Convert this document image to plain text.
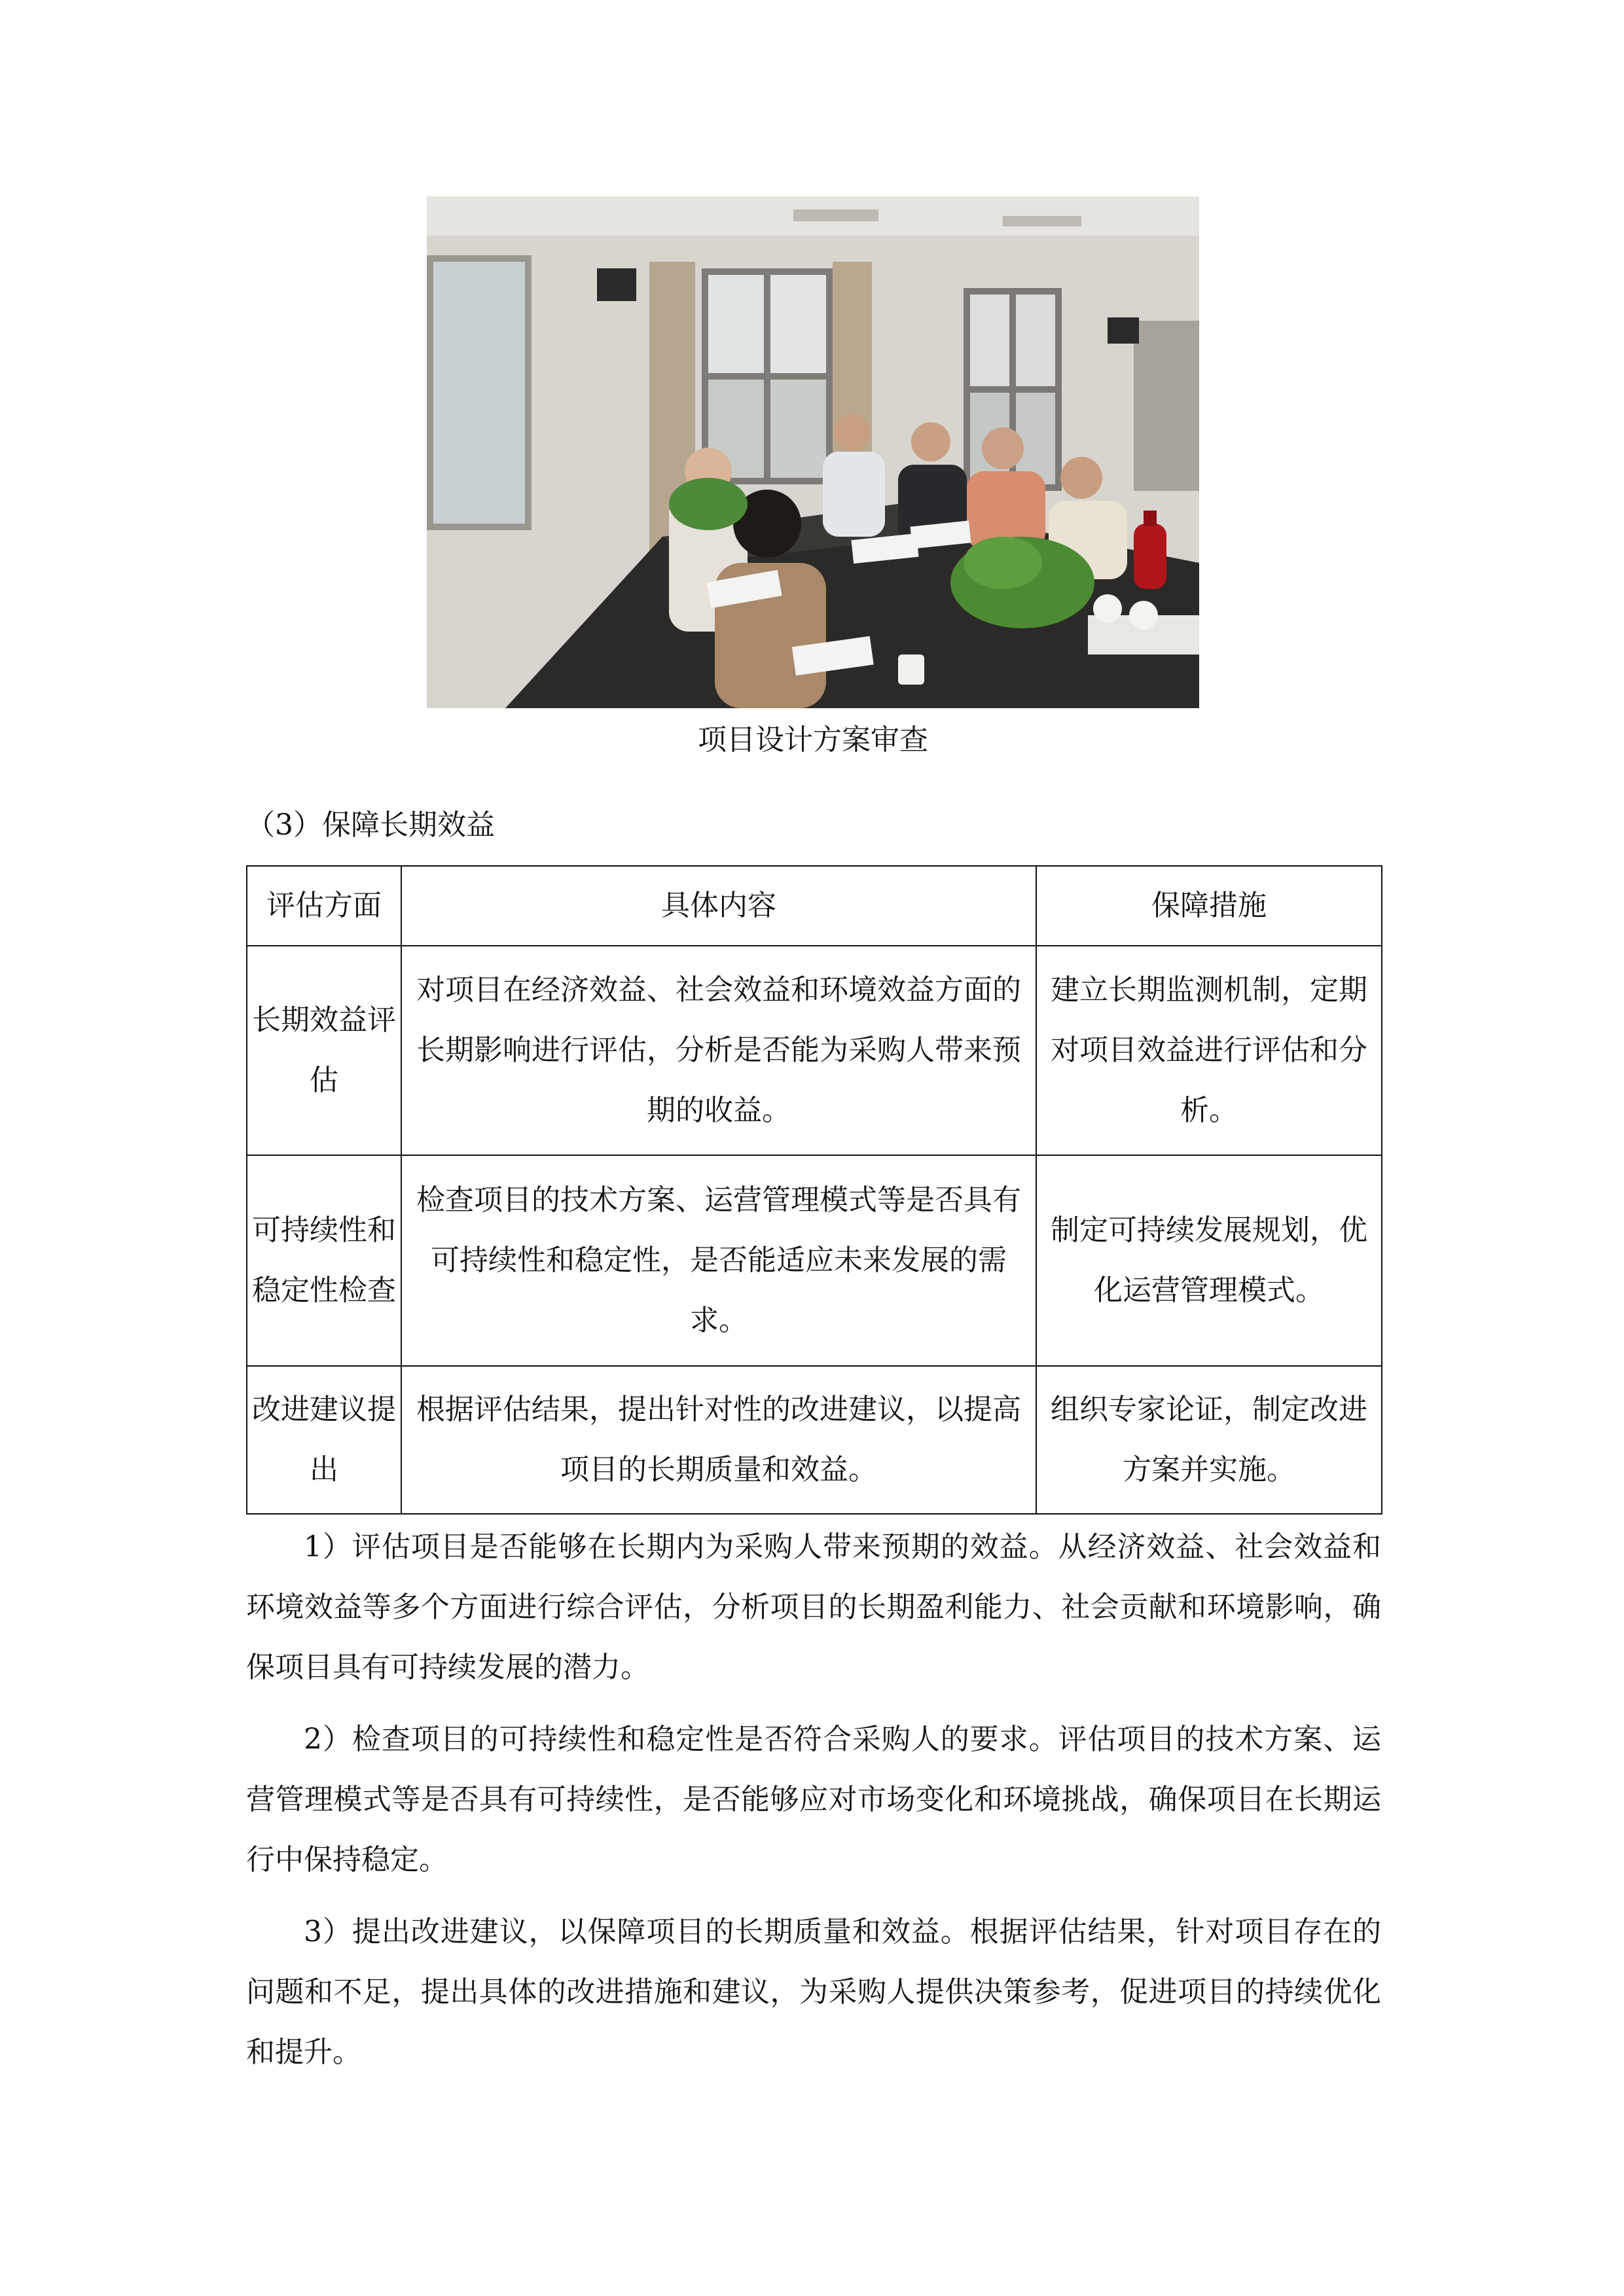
项目设计方案审查
（3）保障长期效益
评估方面	具体内容	保障措施
长期效益评估	对项目在经济效益、社会效益和环境效益方面的长期影响进行评估，分析是否能为采购人带来预期的收益。	建立长期监测机制，定期对项目效益进行评估和分析。
可持续性和稳定性检查	检查项目的技术方案、运营管理模式等是否具有可持续性和稳定性，是否能适应未来发展的需求。	制定可持续发展规划，优化运营管理模式。
改进建议提出	根据评估结果，提出针对性的改进建议，以提高项目的长期质量和效益。	组织专家论证，制定改进方案并实施。

1）评估项目是否能够在长期内为采购人带来预期的效益。从经济效益、社会效益和环境效益等多个方面进行综合评估，分析项目的长期盈利能力、社会贡献和环境影响，确保项目具有可持续发展的潜力。

2）检查项目的可持续性和稳定性是否符合采购人的要求。评估项目的技术方案、运营管理模式等是否具有可持续性，是否能够应对市场变化和环境挑战，确保项目在长期运行中保持稳定。

3）提出改进建议，以保障项目的长期质量和效益。根据评估结果，针对项目存在的问题和不足，提出具体的改进措施和建议，为采购人提供决策参考，促进项目的持续优化和提升。
